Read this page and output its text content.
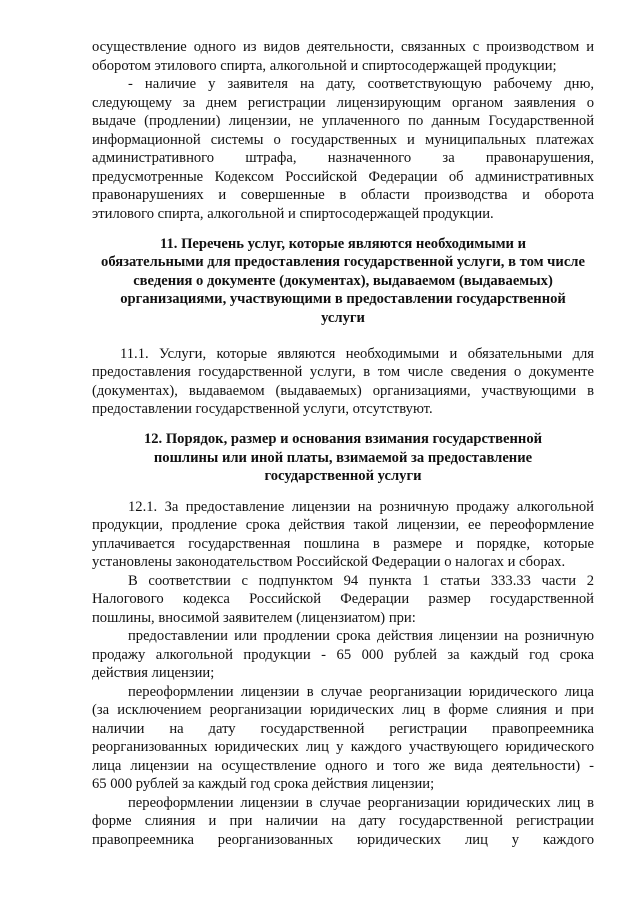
осуществление одного из видов деятельности, связанных с производством и
оборотом этилового спирта, алкогольной и спиртосодержащей продукции;
- наличие у заявителя на дату, соответствующую рабочему дню,
следующему за днем регистрации лицензирующим органом заявления о
выдаче (продлении) лицензии, не уплаченного по данным Государственной
информационной системы о государственных и муниципальных платежах
административного штрафа, назначенного за правонарушения,
предусмотренные Кодексом Российской Федерации об административных
правонарушениях и совершенные в области производства и оборота
этилового спирта, алкогольной и спиртосодержащей продукции.
11. Перечень услуг, которые являются необходимыми и
обязательными для предоставления государственной услуги, в том числе
сведения о документе (документах), выдаваемом (выдаваемых)
организациями, участвующими в предоставлении государственной
услуги
11.1. Услуги, которые являются необходимыми и обязательными для
предоставления государственной услуги, в том числе сведения о документе
(документах), выдаваемом (выдаваемых) организациями, участвующими в
предоставлении государственной услуги, отсутствуют.
12. Порядок, размер и основания взимания государственной
пошлины или иной платы, взимаемой за предоставление
государственной услуги
12.1. За предоставление лицензии на розничную продажу алкогольной
продукции, продление срока действия такой лицензии, ее переоформление
уплачивается государственная пошлина в размере и порядке, которые
установлены законодательством Российской Федерации о налогах и сборах.
В соответствии с подпунктом 94 пункта 1 статьи 333.33 части 2
Налогового кодекса Российской Федерации размер государственной
пошлины, вносимой заявителем (лицензиатом) при:
предоставлении или продлении срока действия лицензии на розничную
продажу алкогольной продукции - 65 000 рублей за каждый год срока
действия лицензии;
переоформлении лицензии в случае реорганизации юридического лица
(за исключением реорганизации юридических лиц в форме слияния и при
наличии на дату государственной регистрации правопреемника
реорганизованных юридических лиц у каждого участвующего юридического
лица лицензии на осуществление одного и того же вида деятельности) -
65 000 рублей за каждый год срока действия лицензии;
переоформлении лицензии в случае реорганизации юридических лиц в
форме слияния и при наличии на дату государственной регистрации
правопреемника реорганизованных юридических лиц у каждого
